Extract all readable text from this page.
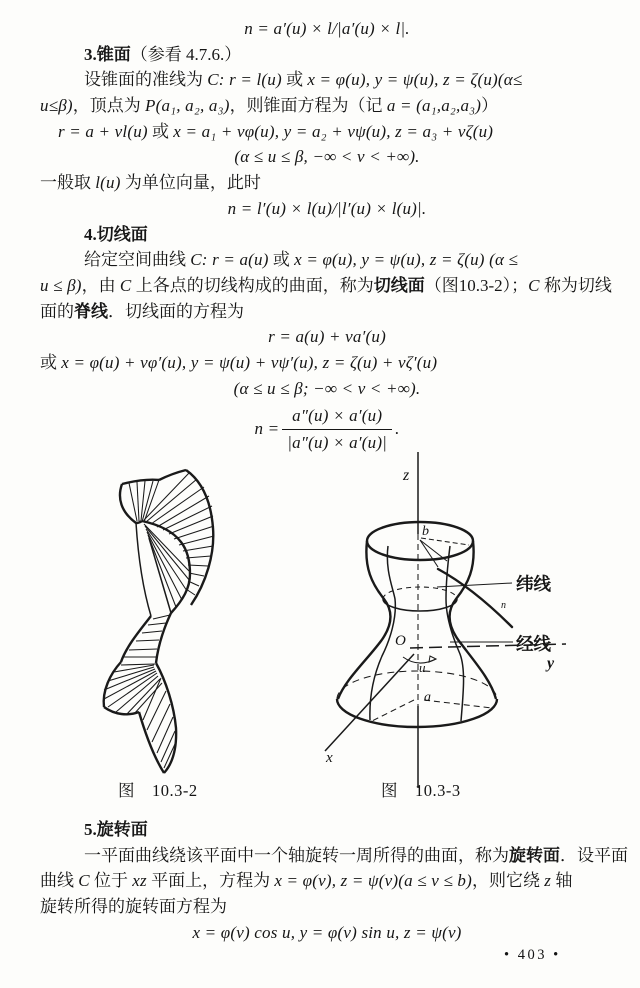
n = a′(u) × l/|a′(u) × l|.
3.锥面（参看 4.7.6.）
设锥面的准线为 C: r = l(u) 或 x = φ(u), y = ψ(u), z = ζ(u)(α≤
u≤β)，顶点为 P(a₁, a₂, a₃)，则锥面方程为（记 a = (a₁,a₂,a₃)）
r = a + vl(u) 或 x = a₁ + vφ(u), y = a₂ + vψ(u), z = a₃ + vζ(u)
(α ≤ u ≤ β, −∞ < v < +∞).
一般取 l(u) 为单位向量，此时
n = l′(u) × l(u)/|l′(u) × l(u)|.
4.切线面
给定空间曲线 C: r = a(u) 或 x = φ(u), y = ψ(u), z = ζ(u) (α ≤
u ≤ β)，由 C 上各点的切线构成的曲面，称为切线面（图10.3-2）；C 称为切线
面的脊线．切线面的方程为
r = a(u) + va′(u)
或 x = φ(u) + vφ′(u), y = ψ(u) + vψ′(u), z = ζ(u) + vζ′(u)
(α ≤ u ≤ β; −∞ < v < +∞).
$n = \frac{a''(u) \times a'(u)}{|a''(u) \times a'(u)|}$ .
z
b
n
纬线
经线
y
O
u
x
a
图　10.3-2	图　10.3-3
5.旋转面
一平面曲线绕该平面中一个轴旋转一周所得的曲面，称为旋转面．设平面
曲线 C 位于 xz 平面上，方程为 x = φ(v), z = ψ(v)(a ≤ v ≤ b)，则它绕 z 轴
旋转所得的旋转面方程为
x = φ(v) cos u, y = φ(v) sin u, z = ψ(v)
• 403 •
